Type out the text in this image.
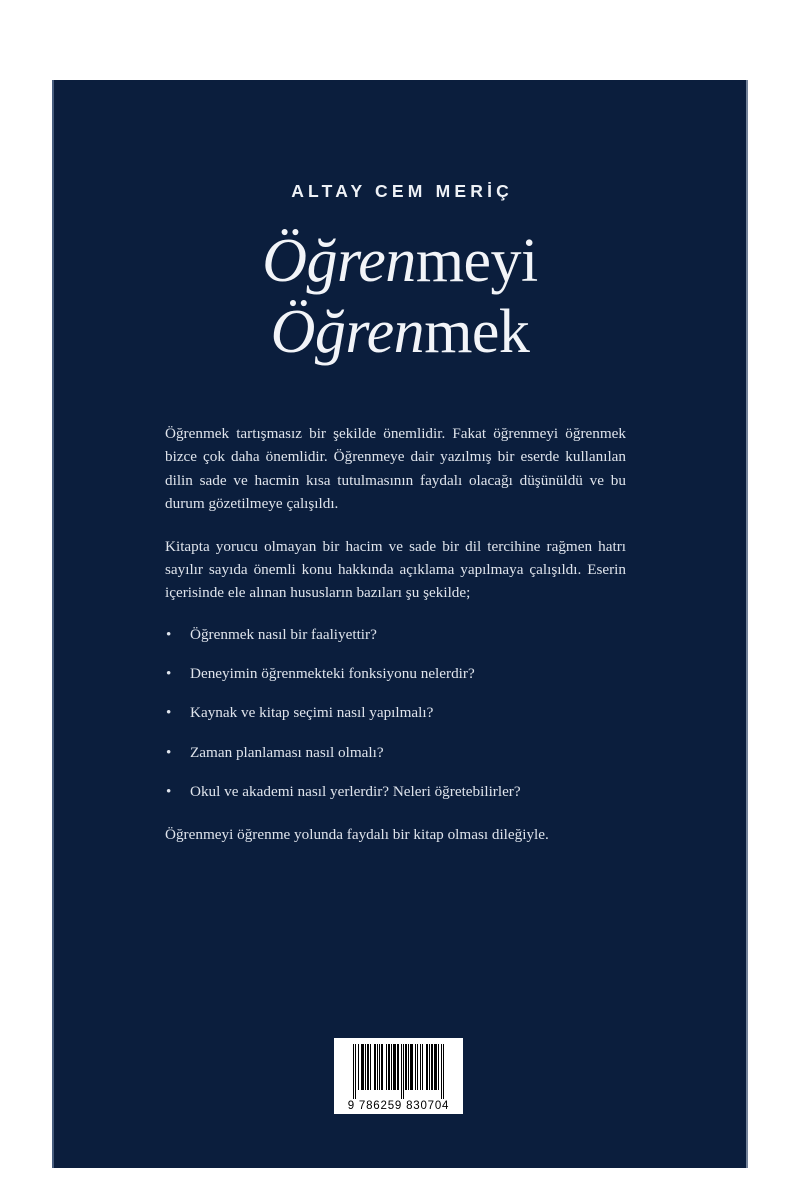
ALTAY CEM MERİÇ
Öğrenmeyi
Öğrenmek

Öğrenmek tartışmasız bir şekilde önemlidir. Fakat öğrenmeyi öğrenmek bizce çok daha önemlidir. Öğrenmeye dair yazılmış bir eserde kullanılan dilin sade ve hacmin kısa tutulmasının faydalı olacağı düşünüldü ve bu durum gözetilmeye çalışıldı.

Kitapta yorucu olmayan bir hacim ve sade bir dil tercihine rağmen hatrı sayılır sayıda önemli konu hakkında açıklama yapılmaya çalışıldı. Eserin içerisinde ele alınan hususların bazıları şu şekilde;

• Öğrenmek nasıl bir faaliyettir?
• Deneyimin öğrenmekteki fonksiyonu nelerdir?
• Kaynak ve kitap seçimi nasıl yapılmalı?
• Zaman planlaması nasıl olmalı?
• Okul ve akademi nasıl yerlerdir? Neleri öğretebilirler?

Öğrenmeyi öğrenme yolunda faydalı bir kitap olması dileğiyle.

9 786259 830704
